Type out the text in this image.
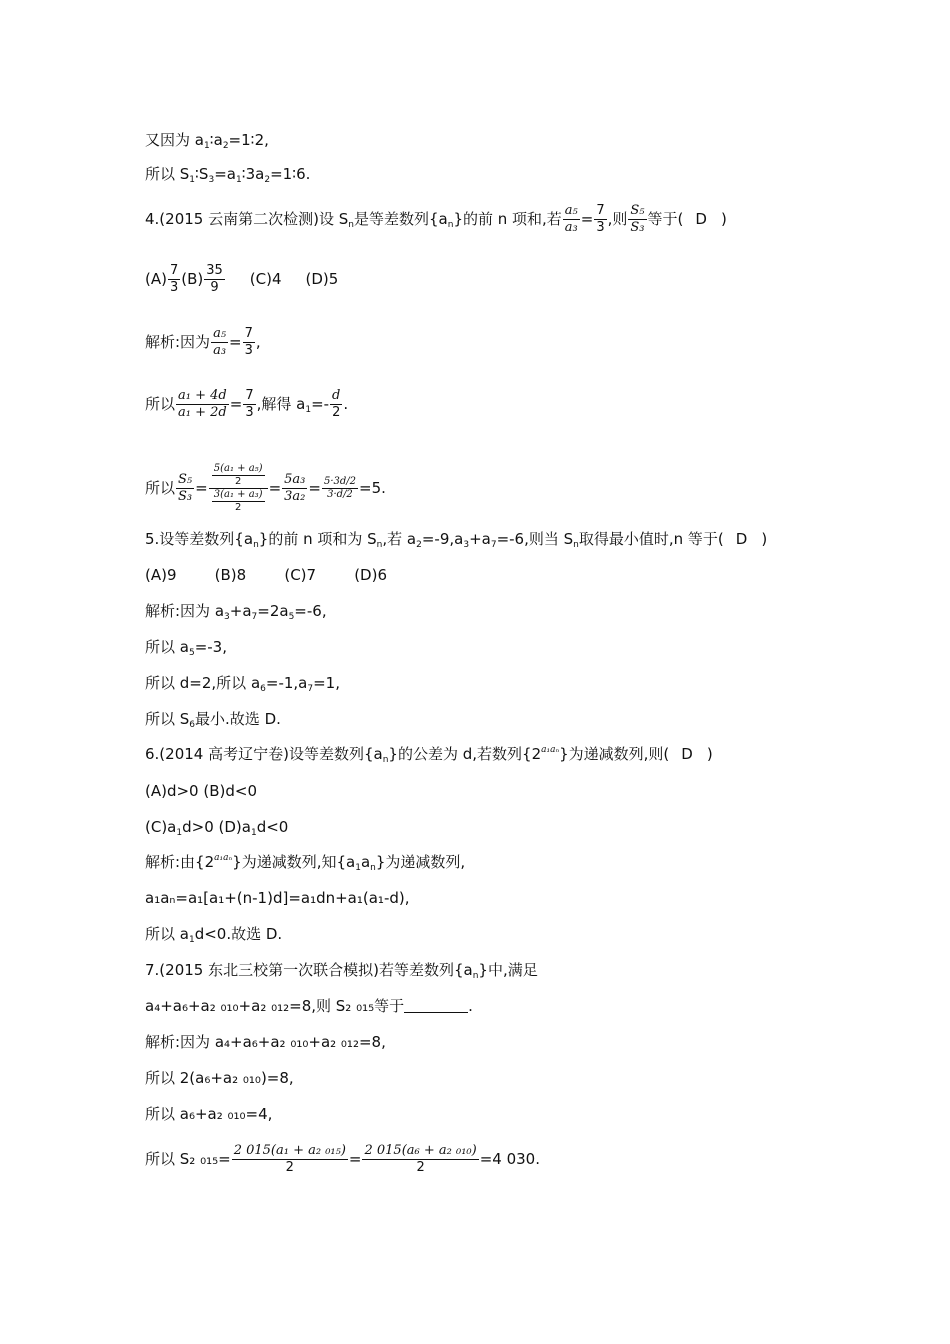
又因为 $a_1∶a_2=1∶2$,
所以 $S_1∶S_3=a_1∶3a_2=1∶6$.
4.(2015 云南第二次检测)设 $S_n$是等差数列$\{a_n\}$的前 n 项和,若 $\frac{\text{a₅}}{\text{a₃}} = \frac{7}{3}$ ,则 $\frac{\text{S₅}}{\text{S₃}}$ 等于( D )
$(A) \frac{7}{3} (B) \frac{35}{9} (C)4$ (D)5
解析:因为 $\frac{\text{a₅}}{\text{a₃}} = \frac{7}{3}$ ,
所以 $\frac{\text{a₁ + 4d}}{\text{a₁ + 2d}} = \frac{7}{3}$ ,解得 $a_1=- \frac{d}{2}$ .
所以 $\frac{\text{S₅}}{\text{S₃}} = \frac{\frac{\text{5(a₁ + a₅)}}{2}}{\frac{\text{3(a₁ + a₃)}}{2}} = \frac{\text{5a₃}}{\text{3a₂}} = \frac{5\cdot 3d/2}{3\cdot d/2} =5$.
5.设等差数列$\{a_n\}$的前 n 项和为 $S_n$,若 $a_2=-9,a_3+a_7=-6$,则当 $S_n$取得最小值时,n 等于( D )
(A)9        (B)8        (C)7        (D)6
解析:因为 $a_3+a_7=2a_5=-6$,
所以 $a_5=-3$,
所以 d=2,所以 $a_6=-1,a_7=1$,
所以 $S_6$最小.故选 D.
6.(2014 高考辽宁卷)设等差数列$\{a_n\}$的公差为 d,若数列$\{2^{a_1a_n}\}$为递减数列,则( D )
(A)d>0 (B)d<0
$(C)a_1d>0$ $(D)a_1d<0$
解析:由$\{2^{a_1a_n}\}$为递减数列,知$\{a_1a_n\}$为递减数列,
a₁aₙ=a₁[a₁+(n-1)d]=a₁dn+a₁(a₁-d),
所以 $a_1d<0$.故选 D.
7.(2015 东北三校第一次联合模拟)若等差数列$\{a_n\}$中,满足
a₄+a₆+a₂ ₀₁₀+a₂ ₀₁₂=8,则 S₂ ₀₁₅等于	.
解析:因为 a₄+a₆+a₂ ₀₁₀+a₂ ₀₁₂=8,
所以 2(a₆+a₂ ₀₁₀)=8,
所以 a₆+a₂ ₀₁₀=4,
所以 S₂ $_{015}= \frac{\text{2 015(a₁ + a₂ ₀₁₅)}}{2} = \frac{\text{2 015(a₆ + a₂ ₀₁₀)}}{2} =4$ 030.
